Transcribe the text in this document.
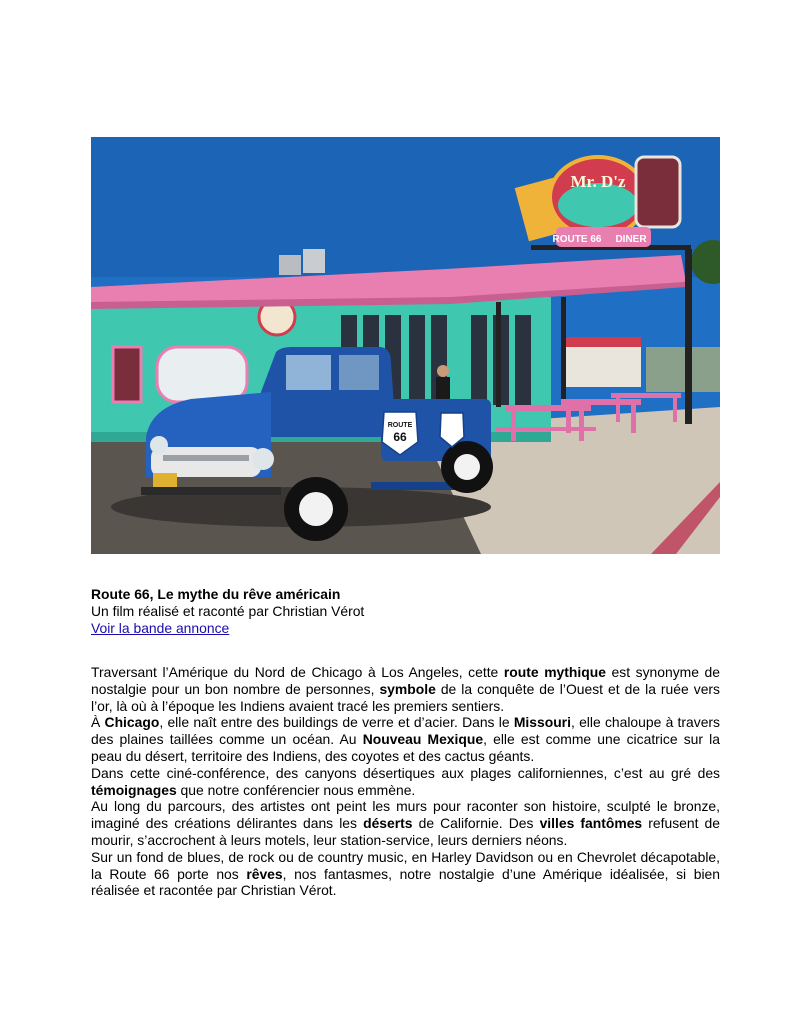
Mr. D'z
ROUTE 66 DINER
ROUTE
66
Route 66, Le mythe du rêve américain
Un film réalisé et raconté par Christian Vérot
Voir la bande annonce
Traversant l’Amérique du Nord de Chicago à Los Angeles, cette route mythique est synonyme de nostalgie pour un bon nombre de personnes, symbole de la conquête de l’Ouest et de la ruée vers l’or, là où à l’époque les Indiens avaient tracé les premiers sentiers.
À Chicago, elle naît entre des buildings de verre et d’acier. Dans le Missouri, elle chaloupe à travers des plaines taillées comme un océan. Au Nouveau Mexique, elle est comme une cicatrice sur la peau du désert, territoire des Indiens, des coyotes et des cactus géants.
Dans cette ciné-conférence, des canyons désertiques aux plages californiennes, c’est au gré des témoignages que notre conférencier nous emmène.
Au long du parcours, des artistes ont peint les murs pour raconter son histoire, sculpté le bronze, imaginé des créations délirantes dans les déserts de Californie. Des villes fantômes refusent de mourir, s’accrochent à leurs motels, leur station-service, leurs derniers néons.
Sur un fond de blues, de rock ou de country music, en Harley Davidson ou en Chevrolet décapotable, la Route 66 porte nos rêves, nos fantasmes, notre nostalgie d’une Amérique idéalisée, si bien réalisée et racontée par Christian Vérot.
